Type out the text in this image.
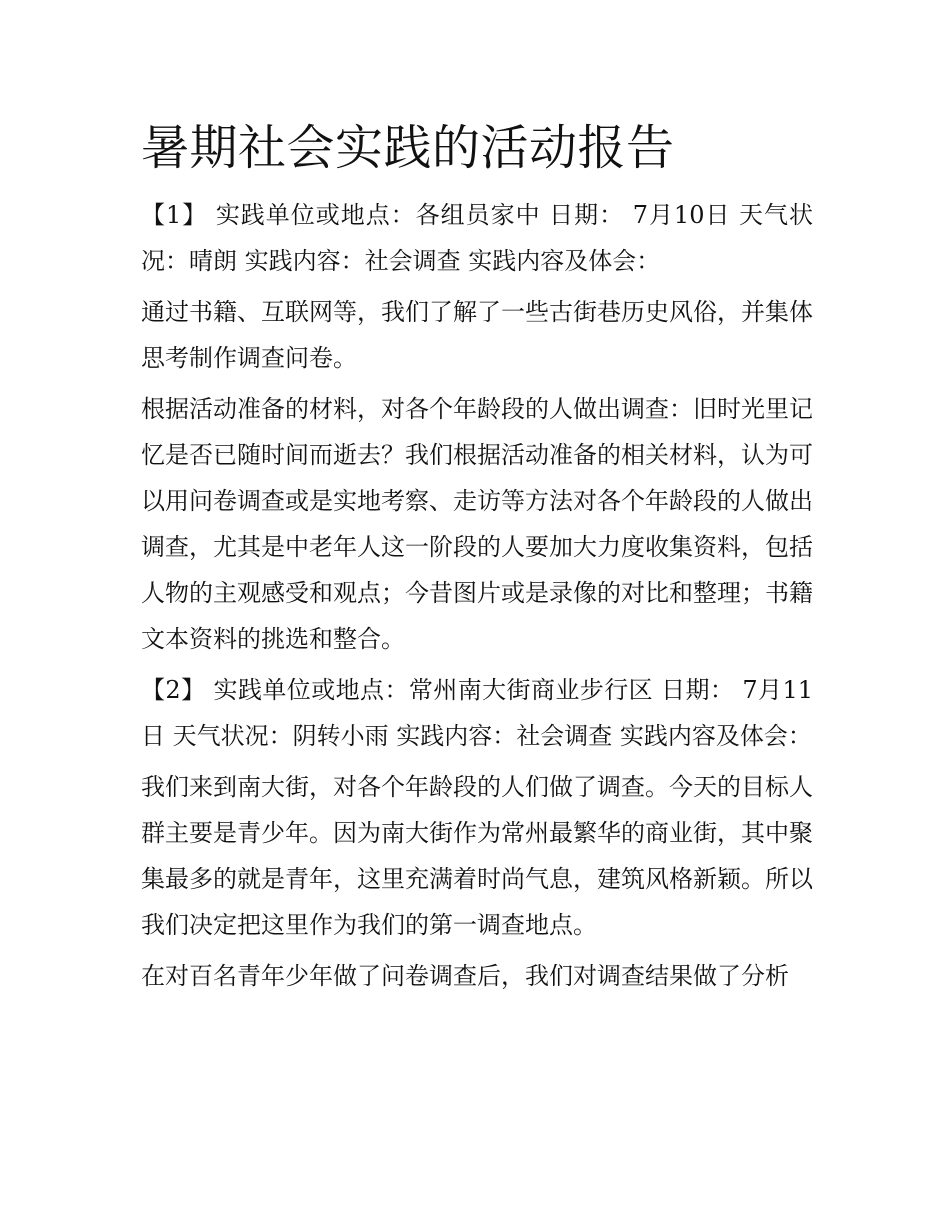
暑期社会实践的活动报告

【1】 实践单位或地点：各组员家中 日期： 7月10日 天气状况：晴朗 实践内容：社会调查 实践内容及体会：

通过书籍、互联网等，我们了解了一些古街巷历史风俗，并集体思考制作调查问卷。

根据活动准备的材料，对各个年龄段的人做出调查：旧时光里记忆是否已随时间而逝去？我们根据活动准备的相关材料，认为可以用问卷调查或是实地考察、走访等方法对各个年龄段的人做出调查，尤其是中老年人这一阶段的人要加大力度收集资料，包括人物的主观感受和观点；今昔图片或是录像的对比和整理；书籍文本资料的挑选和整合。

【2】 实践单位或地点：常州南大街商业步行区 日期： 7月11日 天气状况：阴转小雨 实践内容：社会调查 实践内容及体会：

我们来到南大街，对各个年龄段的人们做了调查。今天的目标人群主要是青少年。因为南大街作为常州最繁华的商业街，其中聚集最多的就是青年，这里充满着时尚气息，建筑风格新颖。所以我们决定把这里作为我们的第一调查地点。

在对百名青年少年做了问卷调查后，我们对调查结果做了分析
